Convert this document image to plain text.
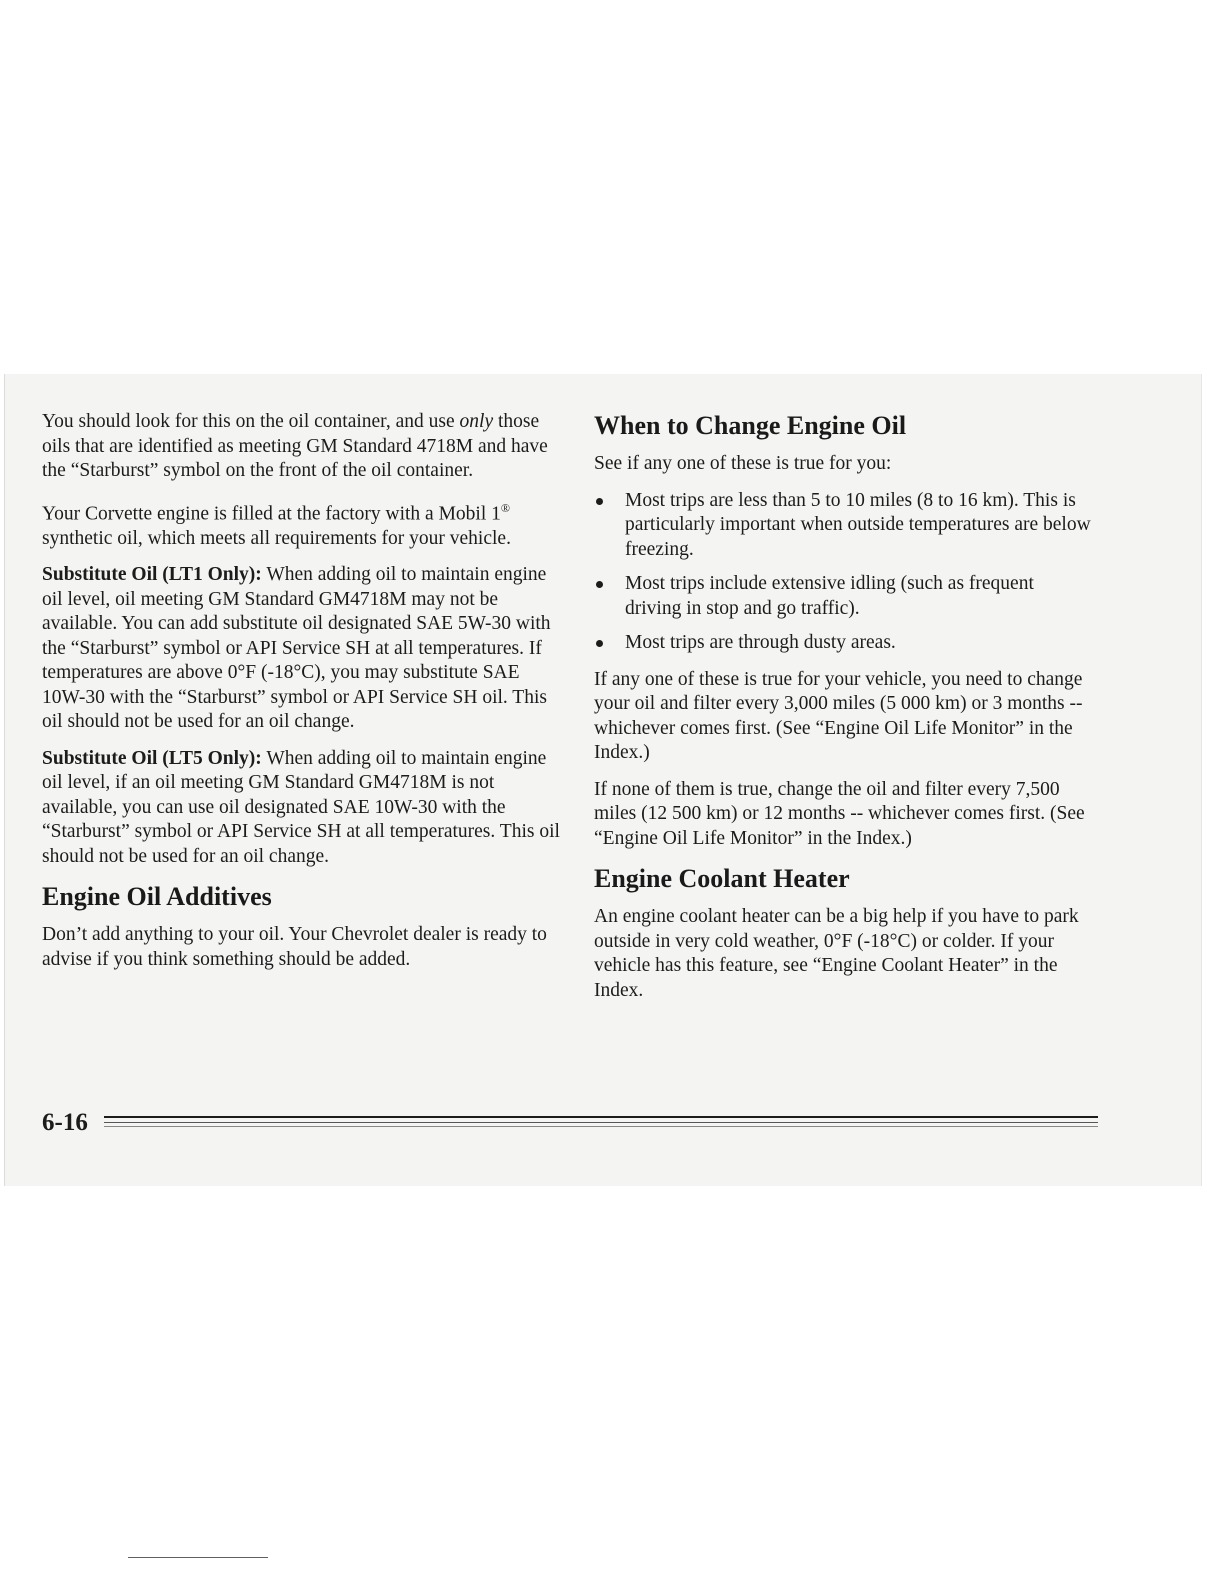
You should look for this on the oil container, and use only those oils that are identified as meeting GM Standard 4718M and have the “Starburst” symbol on the front of the oil container.

Your Corvette engine is filled at the factory with a Mobil 1® synthetic oil, which meets all requirements for your vehicle.

Substitute Oil (LT1 Only): When adding oil to maintain engine oil level, oil meeting GM Standard GM4718M may not be available. You can add substitute oil designated SAE 5W-30 with the “Starburst” symbol or API Service SH at all temperatures. If temperatures are above 0°F (-18°C), you may substitute SAE 10W-30 with the “Starburst” symbol or API Service SH oil. This oil should not be used for an oil change.

Substitute Oil (LT5 Only): When adding oil to maintain engine oil level, if an oil meeting GM Standard GM4718M is not available, you can use oil designated SAE 10W-30 with the “Starburst” symbol or API Service SH at all temperatures. This oil should not be used for an oil change.

Engine Oil Additives

Don’t add anything to your oil. Your Chevrolet dealer is ready to advise if you think something should be added.

When to Change Engine Oil

See if any one of these is true for you:

Most trips are less than 5 to 10 miles (8 to 16 km). This is particularly important when outside temperatures are below freezing.
Most trips include extensive idling (such as frequent driving in stop and go traffic).
Most trips are through dusty areas.

If any one of these is true for your vehicle, you need to change your oil and filter every 3,000 miles (5 000 km) or 3 months -- whichever comes first. (See “Engine Oil Life Monitor” in the Index.)

If none of them is true, change the oil and filter every 7,500 miles (12 500 km) or 12 months -- whichever comes first. (See “Engine Oil Life Monitor” in the Index.)

Engine Coolant Heater

An engine coolant heater can be a big help if you have to park outside in very cold weather, 0°F (-18°C) or colder. If your vehicle has this feature, see “Engine Coolant Heater” in the Index.

6-16
